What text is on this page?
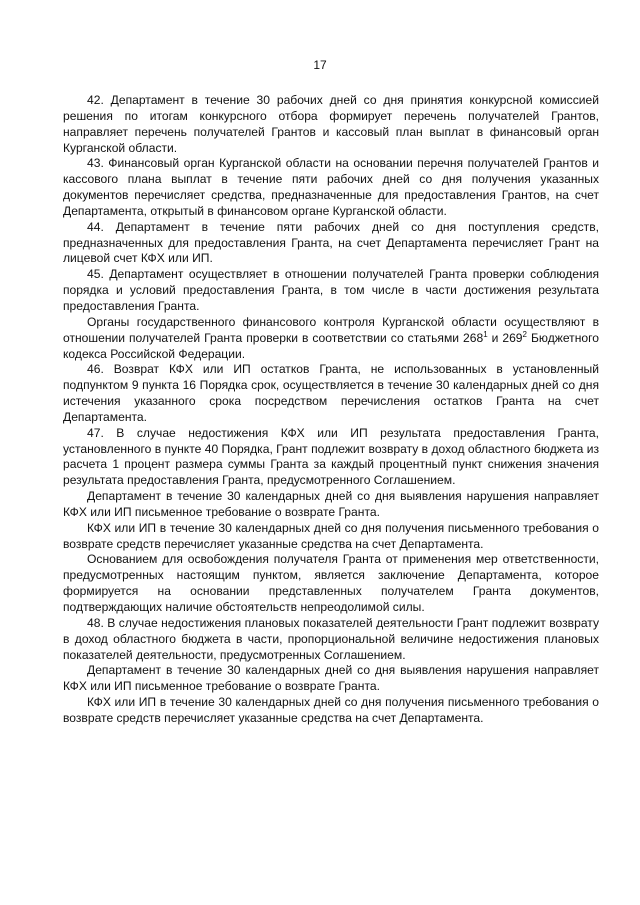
17

42. Департамент в течение 30 рабочих дней со дня принятия конкурсной комиссией решения по итогам конкурсного отбора формирует перечень получателей Грантов, направляет перечень получателей Грантов и кассовый план выплат в финансовый орган Курганской области.

43. Финансовый орган Курганской области на основании перечня получателей Грантов и кассового плана выплат в течение пяти рабочих дней со дня получения указанных документов перечисляет средства, предназначенные для предоставления Грантов, на счет Департамента, открытый в финансовом органе Курганской области.

44. Департамент в течение пяти рабочих дней со дня поступления средств, предназначенных для предоставления Гранта, на счет Департамента перечисляет Грант на лицевой счет КФХ или ИП.

45. Департамент осуществляет в отношении получателей Гранта проверки соблюдения порядка и условий предоставления Гранта, в том числе в части достижения результата предоставления Гранта.

Органы государственного финансового контроля Курганской области осуществляют в отношении получателей Гранта проверки в соответствии со статьями $268^1$ и $269^2$ Бюджетного кодекса Российской Федерации.

46. Возврат КФХ или ИП остатков Гранта, не использованных в установленный подпунктом 9 пункта 16 Порядка срок, осуществляется в течение 30 календарных дней со дня истечения указанного срока посредством перечисления остатков Гранта на счет Департамента.

47. В случае недостижения КФХ или ИП результата предоставления Гранта, установленного в пункте 40 Порядка, Грант подлежит возврату в доход областного бюджета из расчета 1 процент размера суммы Гранта за каждый процентный пункт снижения значения результата предоставления Гранта, предусмотренного Соглашением.

Департамент в течение 30 календарных дней со дня выявления нарушения направляет КФХ или ИП письменное требование о возврате Гранта.

КФХ или ИП в течение 30 календарных дней со дня получения письменного требования о возврате средств перечисляет указанные средства на счет Департамента.

Основанием для освобождения получателя Гранта от применения мер ответственности, предусмотренных настоящим пунктом, является заключение Департамента, которое формируется на основании представленных получателем Гранта документов, подтверждающих наличие обстоятельств непреодолимой силы.

48. В случае недостижения плановых показателей деятельности Грант подлежит возврату в доход областного бюджета в части, пропорциональной величине недостижения плановых показателей деятельности, предусмотренных Соглашением.

Департамент в течение 30 календарных дней со дня выявления нарушения направляет КФХ или ИП письменное требование о возврате Гранта.

КФХ или ИП в течение 30 календарных дней со дня получения письменного требования о возврате средств перечисляет указанные средства на счет Департамента.
